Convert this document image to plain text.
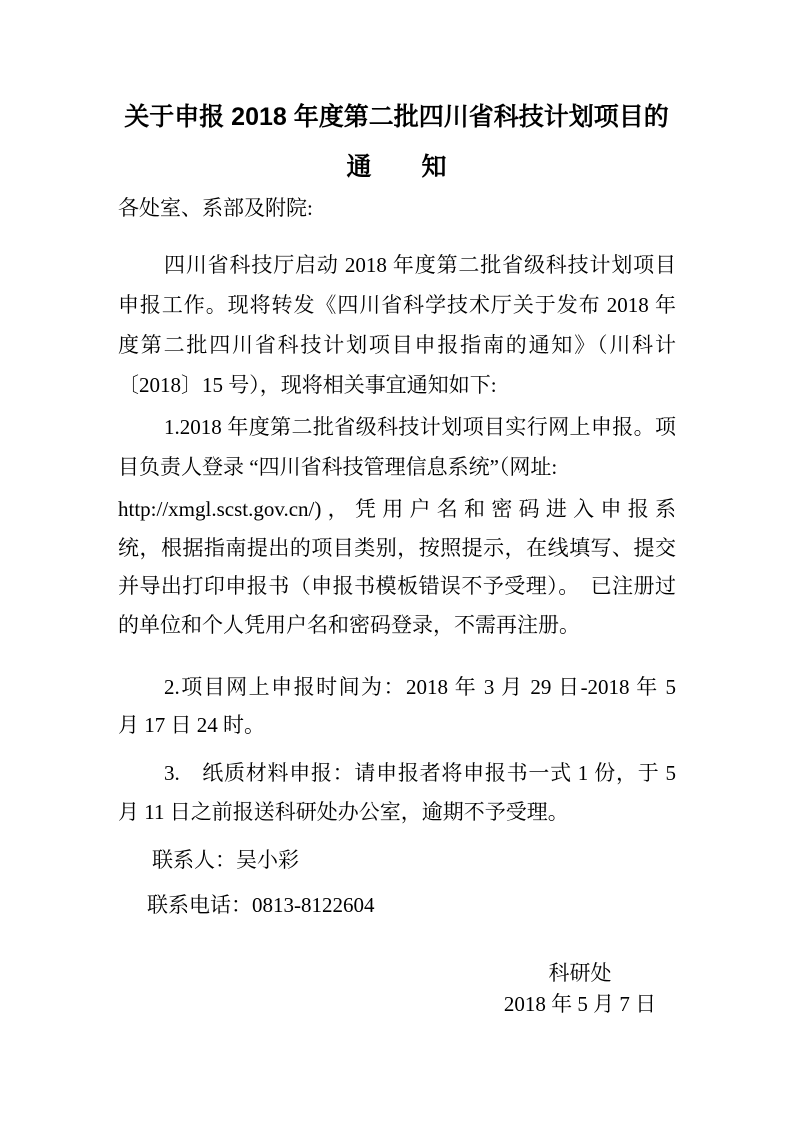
关于申报 2018 年度第二批四川省科技计划项目的
通　　知
各处室、系部及附院:
四川省科技厅启动 2018 年度第二批省级科技计划项目
申报工作。现将转发《四川省科学技术厅关于发布 2018 年
度第二批四川省科技计划项目申报指南的通知》（川科计
〔2018〕15 号），现将相关事宜通知如下:
1.2018 年度第二批省级科技计划项目实行网上申报。项
目负责人登录 “四川省科技管理信息系统”（网址:
http://xmgl.scst.gov.cn/)，凭用户名和密码进入申报系
统，根据指南提出的项目类别，按照提示，在线填写、提交
并导出打印申报书（申报书模板错误不予受理）。　已注册过
的单位和个人凭用户名和密码登录，不需再注册。
2.项目网上申报时间为：2018 年 3 月 29 日-2018 年 5
月 17 日 24 时。
3.　纸质材料申报：请申报者将申报书一式 1 份，于 5
月 11 日之前报送科研处办公室，逾期不予受理。
联系人：吴小彩
联系电话：0813-8122604
科研处
2018 年 5 月 7 日
